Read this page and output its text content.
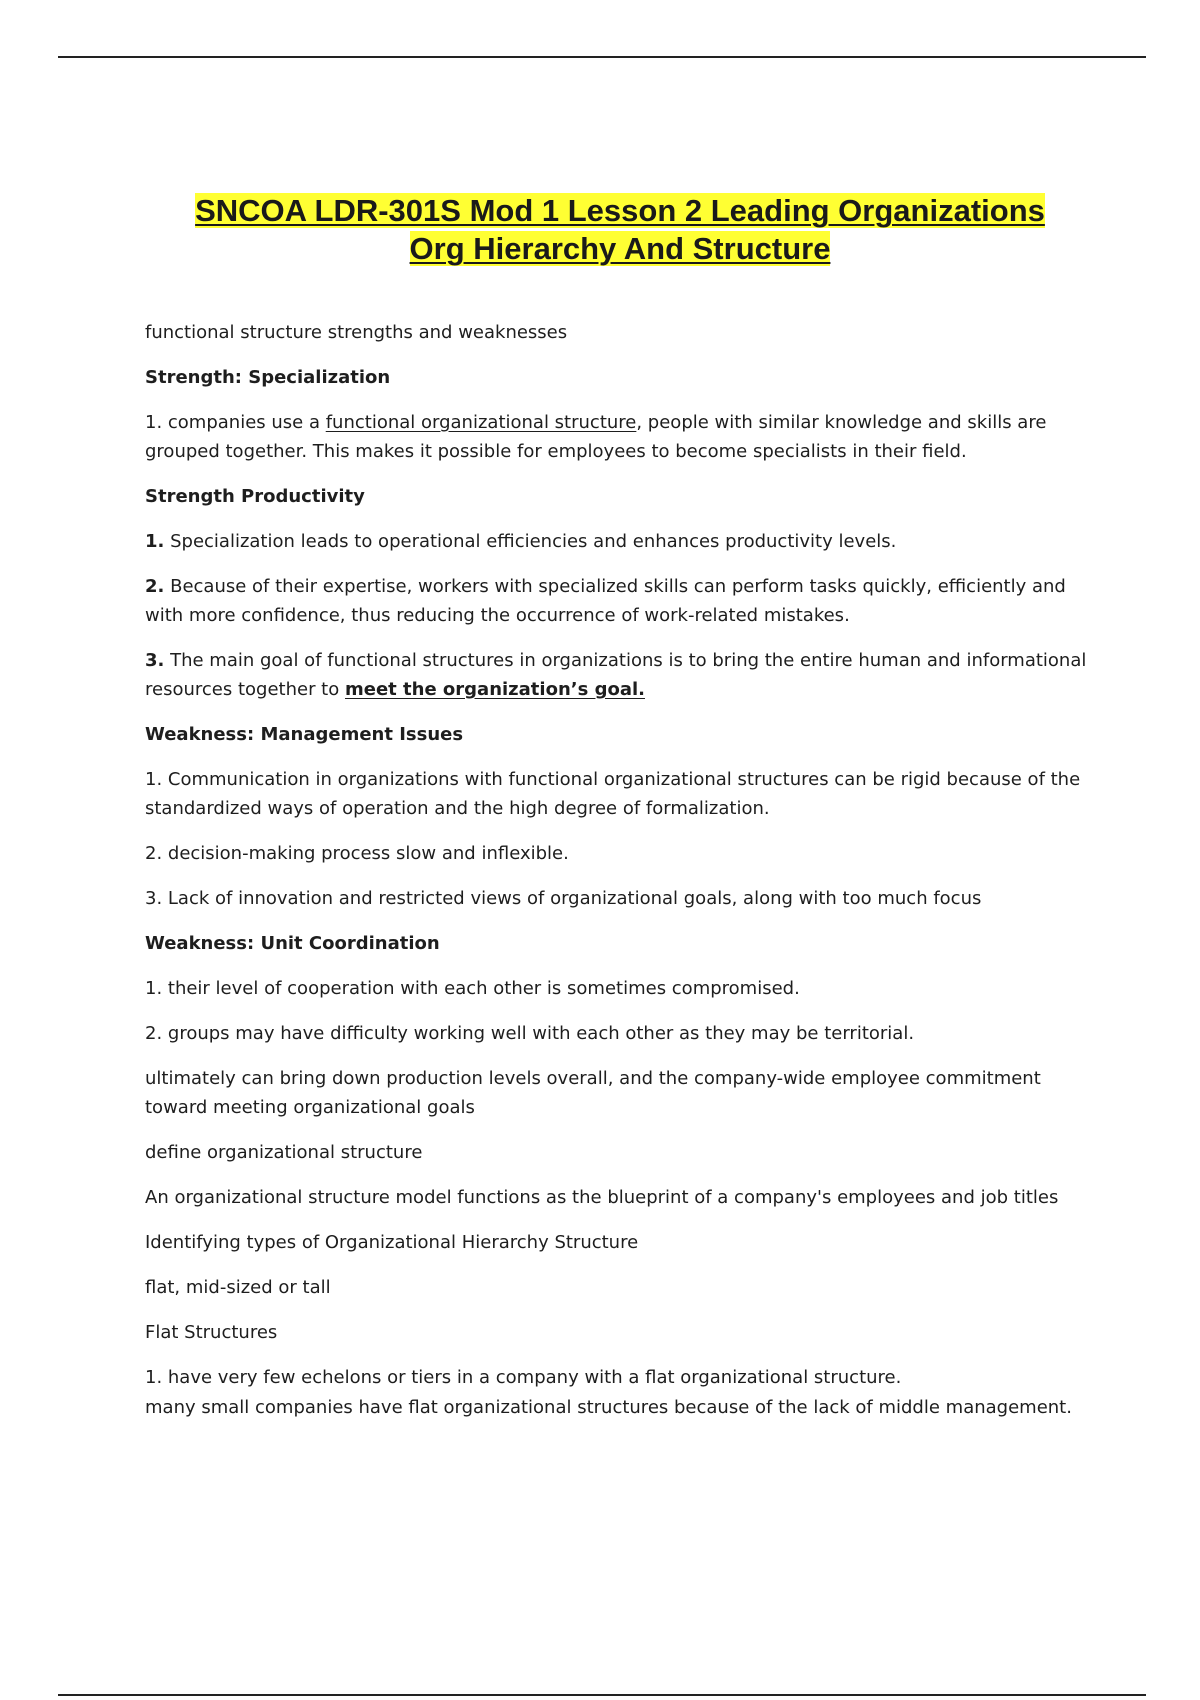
SNCOA LDR-301S Mod 1 Lesson 2 Leading Organizations
Org Hierarchy And Structure

functional structure strengths and weaknesses

Strength: Specialization

1. companies use a functional organizational structure, people with similar knowledge and skills are grouped together. This makes it possible for employees to become specialists in their field.

Strength Productivity

1. Specialization leads to operational efficiencies and enhances productivity levels.

2. Because of their expertise, workers with specialized skills can perform tasks quickly, efficiently and with more confidence, thus reducing the occurrence of work-related mistakes.

3. The main goal of functional structures in organizations is to bring the entire human and informational resources together to meet the organization’s goal.

Weakness: Management Issues

1. Communication in organizations with functional organizational structures can be rigid because of the standardized ways of operation and the high degree of formalization.

2. decision-making process slow and inflexible.

3. Lack of innovation and restricted views of organizational goals, along with too much focus

Weakness: Unit Coordination

1. their level of cooperation with each other is sometimes compromised.

2. groups may have difficulty working well with each other as they may be territorial.

ultimately can bring down production levels overall, and the company-wide employee commitment toward meeting organizational goals

define organizational structure

An organizational structure model functions as the blueprint of a company's employees and job titles

Identifying types of Organizational Hierarchy Structure

flat, mid-sized or tall

Flat Structures

1. have very few echelons or tiers in a company with a flat organizational structure.

many small companies have flat organizational structures because of the lack of middle management.
